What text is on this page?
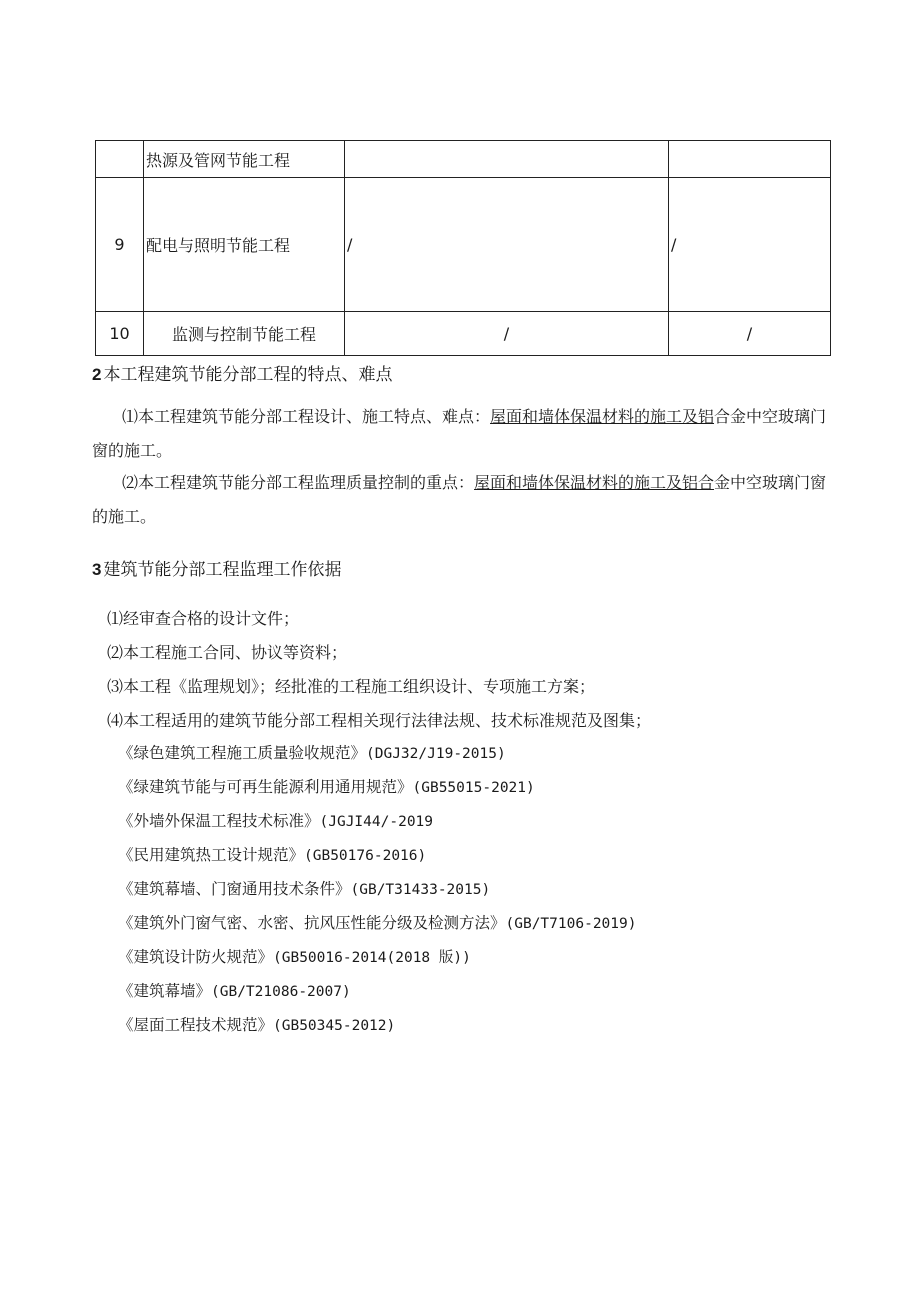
	热源及管网节能工程		
9	配电与照明节能工程	/	/
10	监测与控制节能工程	/	/
2 本工程建筑节能分部工程的特点、难点
⑴本工程建筑节能分部工程设计、施工特点、难点：屋面和墙体保温材料的施工及铝合金中空玻璃门窗的施工。
⑵本工程建筑节能分部工程监理质量控制的重点：屋面和墙体保温材料的施工及铝合金中空玻璃门窗的施工。
3 建筑节能分部工程监理工作依据
⑴经审查合格的设计文件；
⑵本工程施工合同、协议等资料；
⑶本工程《监理规划》；经批准的工程施工组织设计、专项施工方案；
⑷本工程适用的建筑节能分部工程相关现行法律法规、技术标准规范及图集；
《绿色建筑工程施工质量验收规范》(DGJ32/J19-2015)
《绿建筑节能与可再生能源利用通用规范》(GB55015-2021)
《外墙外保温工程技术标准》(JGJI44/-2019
《民用建筑热工设计规范》(GB50176-2016)
《建筑幕墙、门窗通用技术条件》(GB/T31433-2015)
《建筑外门窗气密、水密、抗风压性能分级及检测方法》(GB/T7106-2019)
《建筑设计防火规范》(GB50016-2014(2018 版))
《建筑幕墙》(GB/T21086-2007)
《屋面工程技术规范》(GB50345-2012)
